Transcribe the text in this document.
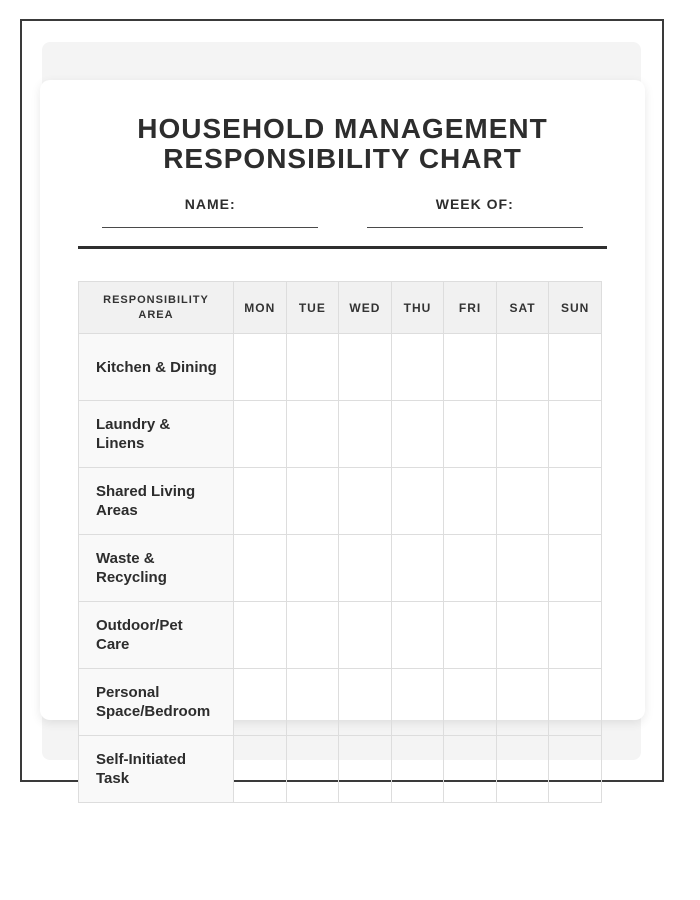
HOUSEHOLD MANAGEMENT
RESPONSIBILITY CHART
NAME:	WEEK OF:
RESPONSIBILITY AREA	MON	TUE	WED	THU	FRI	SAT	SUN
Kitchen & Dining							
Laundry & Linens							
Shared Living Areas							
Waste & Recycling							
Outdoor/Pet Care							
Personal Space/Bedroom							
Self-Initiated Task							
